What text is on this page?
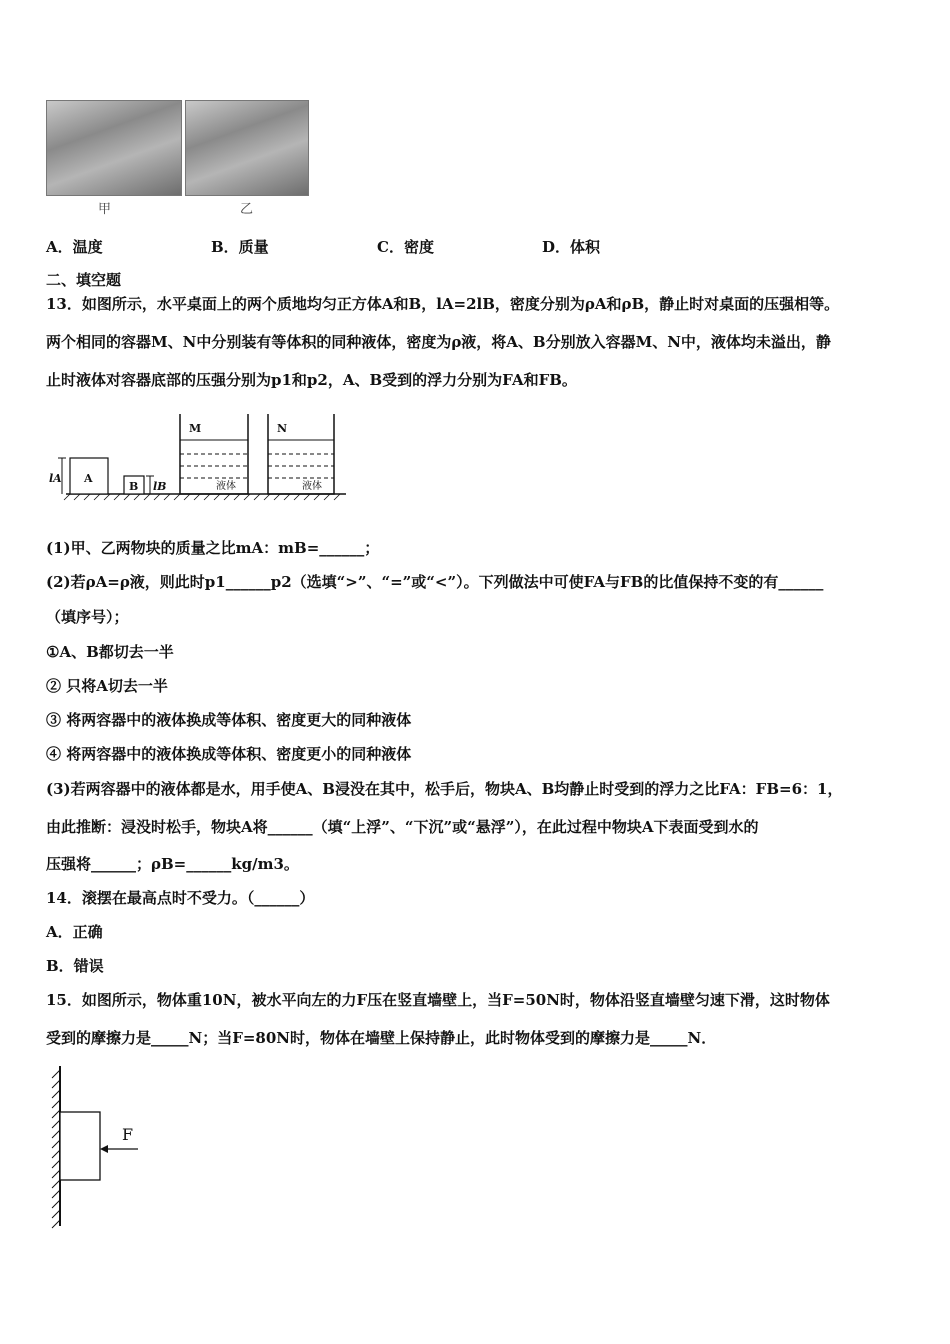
甲	乙
A．温度	B．质量	C．密度	D．体积
二、填空题
13．如图所示，水平桌面上的两个质地均匀正方体A和B，lA=2lB，密度分别为ρA和ρB，静止时对桌面的压强相等。
两个相同的容器M、N中分别装有等体积的同种液体，密度为ρ液，将A、B分别放入容器M、N中，液体均未溢出，静
止时液体对容器底部的压强分别为p1和p2，A、B受到的浮力分别为FA和FB。
lA A
B lB
M	N
液体	液体
(1)甲、乙两物块的质量之比mA：mB=______；
(2)若ρA=ρ液，则此时p1______p2（选填“>”、“=”或“<”）。下列做法中可使FA与FB的比值保持不变的有______
（填序号）；
①A、B都切去一半
② 只将A切去一半
③ 将两容器中的液体换成等体积、密度更大的同种液体
④ 将两容器中的液体换成等体积、密度更小的同种液体
(3)若两容器中的液体都是水，用手使A、B浸没在其中，松手后，物块A、B均静止时受到的浮力之比FA：FB=6：1，
由此推断：浸没时松手，物块A将______（填“上浮”、“下沉”或“悬浮”），在此过程中物块A下表面受到水的
压强将______；ρB=______kg/m3。
14．滚摆在最高点时不受力。（______）
A．正确
B．错误
15．如图所示，物体重10N，被水平向左的力F压在竖直墙壁上，当F=50N时，物体沿竖直墙壁匀速下滑，这时物体
受到的摩擦力是_____N；当F=80N时，物体在墙壁上保持静止，此时物体受到的摩擦力是_____N．
F
